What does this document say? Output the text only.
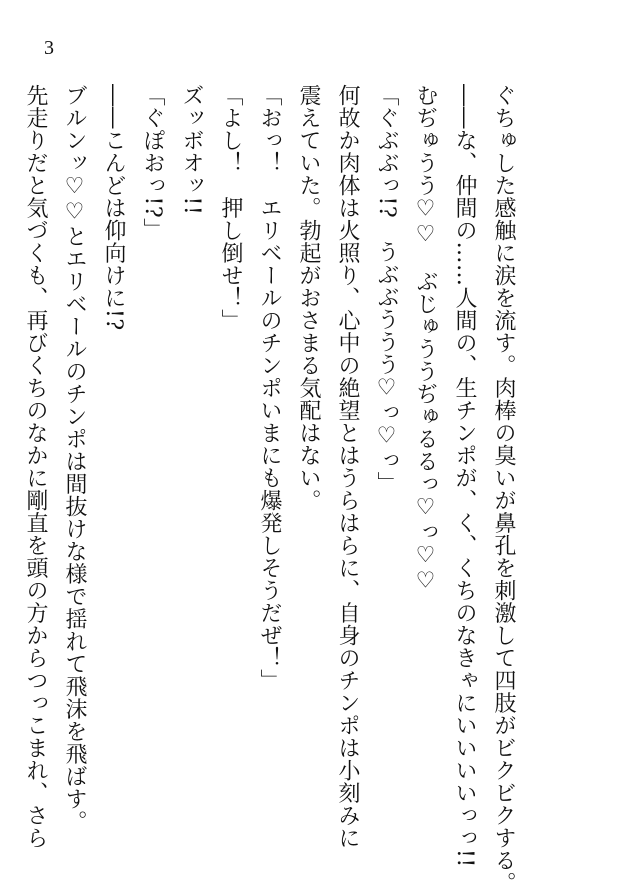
3
ぐちゅした感触に涙を流す。肉棒の臭いが鼻孔を刺激して四肢がビクビクする。
――な、仲間の……人間の、生チンポが、く、くちのなきゃにいいいいっっ!!
むぢゅうう♡♡　ぶじゅううぢゅるるっ♡っ♡♡
「ぐぶぶっ!?　うぶぶううう♡っ♡っ」
何故か肉体は火照り、心中の絶望とはうらはらに、自身のチンポは小刻みに
震えていた。勃起がおさまる気配はない。
「おっ！　エリベールのチンポいまにも爆発しそうだぜ！」
「よし！　押し倒せ！」
ズッボオッ!!
「ぐぽおっ!?」
――こんどは仰向けに!?
ブルンッ♡♡とエリベールのチンポは間抜けな様で揺れて飛沫を飛ばす。
先走りだと気づくも、再びくちのなかに剛直を頭の方からつっこまれ、さら
